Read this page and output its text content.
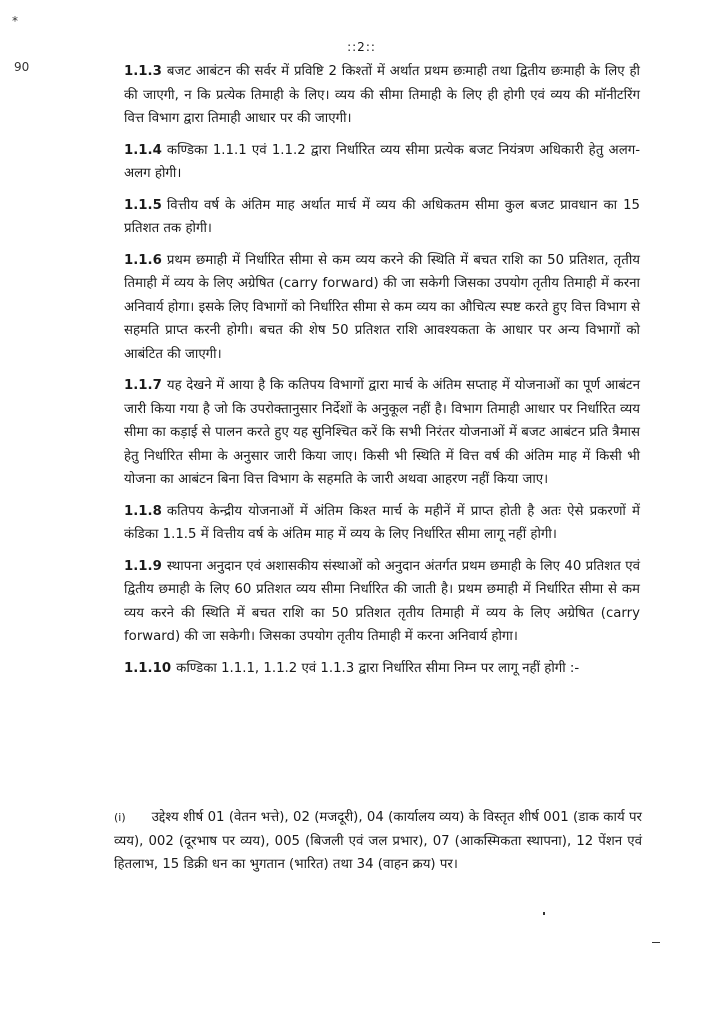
::2::
*
90	1.1.3 बजट आबंटन की सर्वर में प्रविष्टि 2 किश्तों में अर्थात प्रथम छःमाही तथा द्वितीय छःमाही के लिए ही की जाएगी, न कि प्रत्येक तिमाही के लिए। व्यय की सीमा तिमाही के लिए ही होगी एवं व्यय की मॉनीटरिंग वित्त विभाग द्वारा तिमाही आधार पर की जाएगी।

1.1.4 कण्डिका 1.1.1 एवं 1.1.2 द्वारा निर्धारित व्यय सीमा प्रत्येक बजट नियंत्रण अधिकारी हेतु अलग-अलग होगी।

1.1.5 वित्तीय वर्ष के अंतिम माह अर्थात मार्च में व्यय की अधिकतम सीमा कुल बजट प्रावधान का 15 प्रतिशत तक होगी।

1.1.6 प्रथम छमाही में निर्धारित सीमा से कम व्यय करने की स्थिति में बचत राशि का 50 प्रतिशत, तृतीय तिमाही में व्यय के लिए अग्रेषित (carry forward) की जा सकेगी जिसका उपयोग तृतीय तिमाही में करना अनिवार्य होगा। इसके लिए विभागों को निर्धारित सीमा से कम व्यय का औचित्य स्पष्ट करते हुए वित्त विभाग से सहमति प्राप्त करनी होगी। बचत की शेष 50 प्रतिशत राशि आवश्यकता के आधार पर अन्य विभागों को आबंटित की जाएगी।

1.1.7 यह देखने में आया है कि कतिपय विभागों द्वारा मार्च के अंतिम सप्ताह में योजनाओं का पूर्ण आबंटन जारी किया गया है जो कि उपरोक्तानुसार निर्देशों के अनुकूल नहीं है। विभाग तिमाही आधार पर निर्धारित व्यय सीमा का कड़ाई से पालन करते हुए यह सुनिश्चित करें कि सभी निरंतर योजनाओं में बजट आबंटन प्रति त्रैमास हेतु निर्धारित सीमा के अनुसार जारी किया जाए। किसी भी स्थिति में वित्त वर्ष की अंतिम माह में किसी भी योजना का आबंटन बिना वित्त विभाग के सहमति के जारी अथवा आहरण नहीं किया जाए।

1.1.8 कतिपय केन्द्रीय योजनाओं में अंतिम किश्त मार्च के महीनें में प्राप्त होती है अतः ऐसे प्रकरणों में कंडिका 1.1.5 में वित्तीय वर्ष के अंतिम माह में व्यय के लिए निर्धारित सीमा लागू नहीं होगी।

1.1.9 स्थापना अनुदान एवं अशासकीय संस्थाओं को अनुदान अंतर्गत प्रथम छमाही के लिए 40 प्रतिशत एवं द्वितीय छमाही के लिए 60 प्रतिशत व्यय सीमा निर्धारित की जाती है। प्रथम छमाही में निर्धारित सीमा से कम व्यय करने की स्थिति में बचत राशि का 50 प्रतिशत तृतीय तिमाही में व्यय के लिए अग्रेषित (carry forward) की जा सकेगी। जिसका उपयोग तृतीय तिमाही में करना अनिवार्य होगा।

1.1.10 कण्डिका 1.1.1, 1.1.2 एवं 1.1.3 द्वारा निर्धारित सीमा निम्न पर लागू नहीं होगी :-

(i) उद्देश्य शीर्ष 01 (वेतन भत्ते), 02 (मजदूरी), 04 (कार्यालय व्यय) के विस्तृत शीर्ष 001 (डाक कार्य पर व्यय), 002 (दूरभाष पर व्यय), 005 (बिजली एवं जल प्रभार), 07 (आकस्मिकता स्थापना), 12 पेंशन एवं हितलाभ, 15 डिक्री धन का भुगतान (भारित) तथा 34 (वाहन क्रय) पर।
